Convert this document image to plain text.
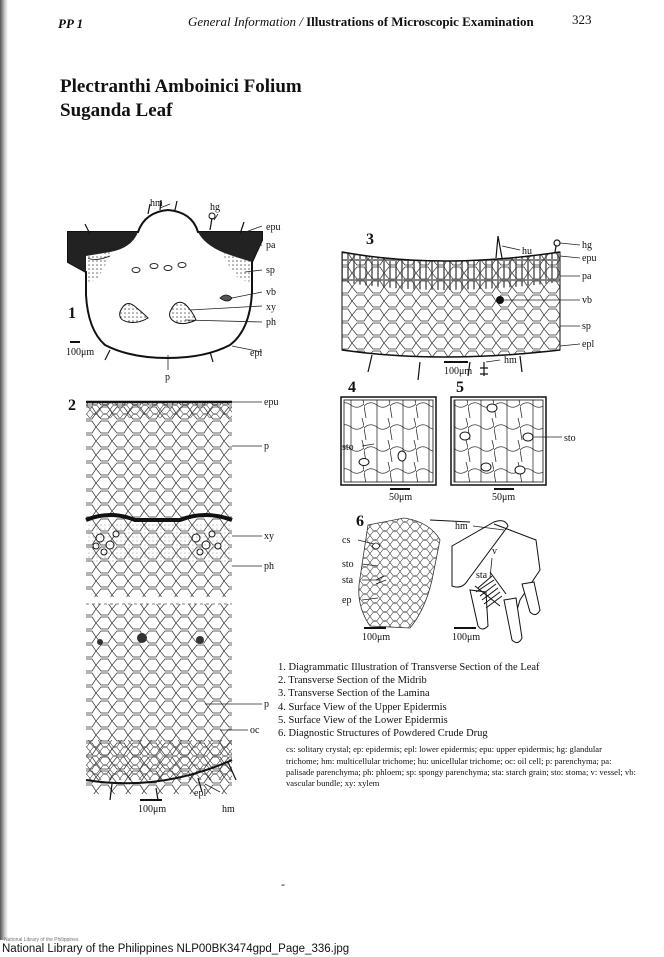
PP 1	General Information / Illustrations of Microscopic Examination	323
Plectranthi Amboinici Folium
Suganda Leaf
1
100μm
hm	hg
epu
pa
sp
vb
xy
ph
epl
p
2
100μm
epu
p
xy
ph
p
oc
epl
hm
3
100μm
hu
hg
epu
pa
vb
sp
epl
hm
4
50μm
sto
5
50μm
sto
6
100μm	100μm
cs
sto
sta
ep
hm
v
sta
1. Diagrammatic Illustration of Transverse Section of the Leaf
2. Transverse Section of the Midrib
3. Transverse Section of the Lamina
4. Surface View of the Upper Epidermis
5. Surface View of the Lower Epidermis
6. Diagnostic Structures of Powdered Crude Drug
cs: solitary crystal; ep: epidermis; epl: lower epidermis; epu: upper epidermis; hg: glandular trichome; hm: multicellular trichome; hu: unicellular trichome; oc: oil cell; p: parenchyma; pa: palisade parenchyma; ph: phloem; sp: spongy parenchyma; sta: starch grain; sto: stoma; v: vessel; vb: vascular bundle; xy: xylem
-
National Library of the Philippines
National Library of the Philippines NLP00BK3474gpd_Page_336.jpg
